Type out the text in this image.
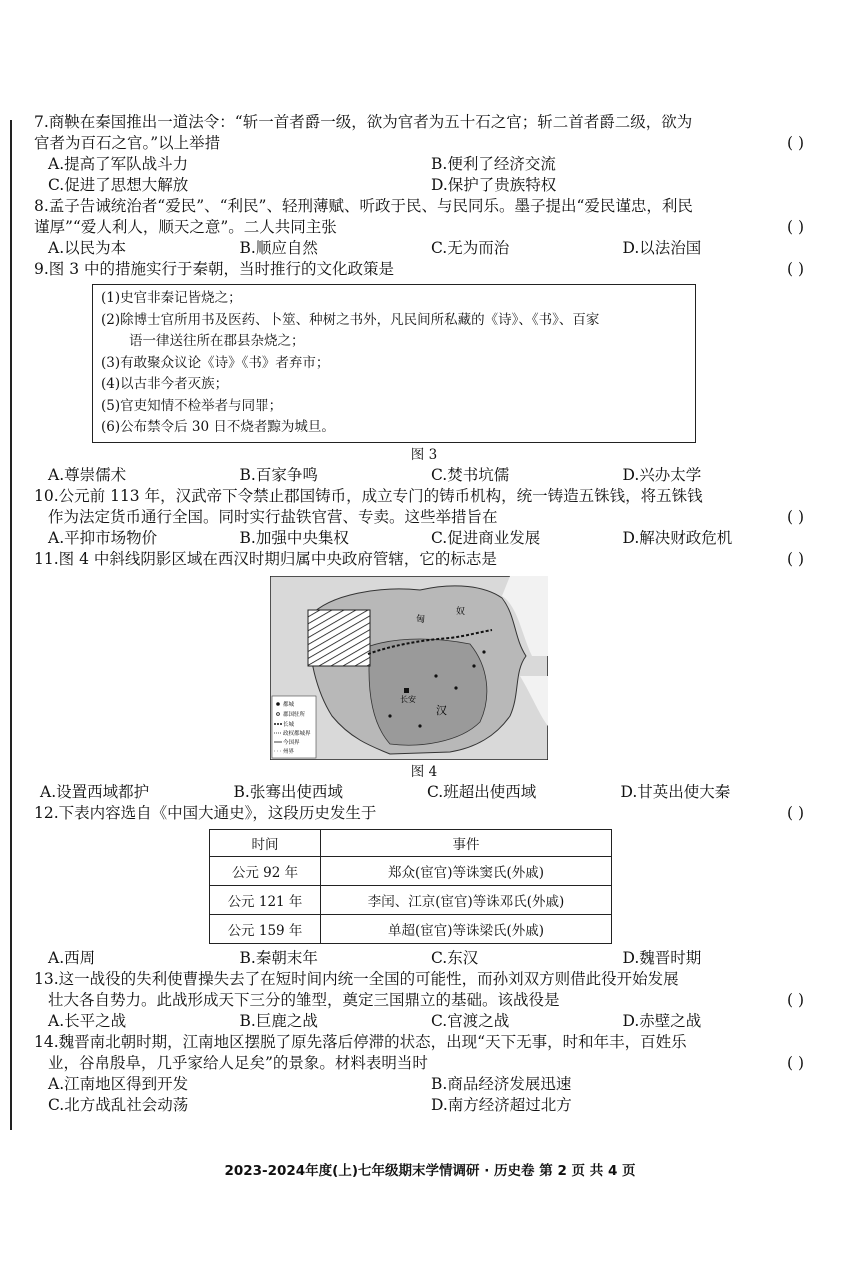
7.商鞅在秦国推出一道法令：“斩一首者爵一级，欲为官者为五十石之官；斩二首者爵二级，欲为
官者为百石之官。”以上举措	( )
A.提高了军队战斗力	B.便利了经济交流
C.促进了思想大解放	D.保护了贵族特权
8.孟子告诫统治者“爱民”、“利民”、轻刑薄赋、听政于民、与民同乐。墨子提出“爱民谨忠，利民
谨厚”“爱人利人，顺天之意”。二人共同主张	( )
A.以民为本	B.顺应自然	C.无为而治	D.以法治国
9.图 3 中的措施实行于秦朝，当时推行的文化政策是	( )
(1)史官非秦记皆烧之；
(2)除博士官所用书及医药、卜筮、种树之书外，凡民间所私藏的《诗》、《书》、百家
语一律送往所在郡县杂烧之；
(3)有敢聚众议论《诗》《书》者弃市；
(4)以古非今者灭族；
(5)官吏知情不检举者与同罪；
(6)公布禁令后 30 日不烧者黥为城旦。
图 3
A.尊崇儒术	B.百家争鸣	C.焚书坑儒	D.兴办太学
10.公元前 113 年，汉武帝下令禁止郡国铸币，成立专门的铸币机构，统一铸造五铢钱，将五铢钱
作为法定货币通行全国。同时实行盐铁官营、专卖。这些举措旨在	( )
A.平抑市场物价	B.加强中央集权	C.促进商业发展	D.解决财政危机
11.图 4 中斜线阴影区域在西汉时期归属中央政府管辖，它的标志是	( )
长安
匈
奴
汉
都城
郡国驻所
长城
政权都城界
今国界
州界
图 4
A.设置西域都护	B.张骞出使西域	C.班超出使西域	D.甘英出使大秦
12.下表内容选自《中国大通史》，这段历史发生于	( )
时间	事件
公元 92 年	郑众(宦官)等诛窦氏(外戚)
公元 121 年	李闰、江京(宦官)等诛邓氏(外戚)
公元 159 年	单超(宦官)等诛梁氏(外戚)
A.西周	B.秦朝末年	C.东汉	D.魏晋时期
13.这一战役的失利使曹操失去了在短时间内统一全国的可能性，而孙刘双方则借此役开始发展
壮大各自势力。此战形成天下三分的雏型，奠定三国鼎立的基础。该战役是	( )
A.长平之战	B.巨鹿之战	C.官渡之战	D.赤壁之战
14.魏晋南北朝时期，江南地区摆脱了原先落后停滞的状态，出现“天下无事，时和年丰，百姓乐
业，谷帛殷阜，几乎家给人足矣”的景象。材料表明当时	( )
A.江南地区得到开发	B.商品经济发展迅速
C.北方战乱社会动荡	D.南方经济超过北方
2023-2024年度(上)七年级期末学情调研 · 历史卷 第 2 页 共 4 页
